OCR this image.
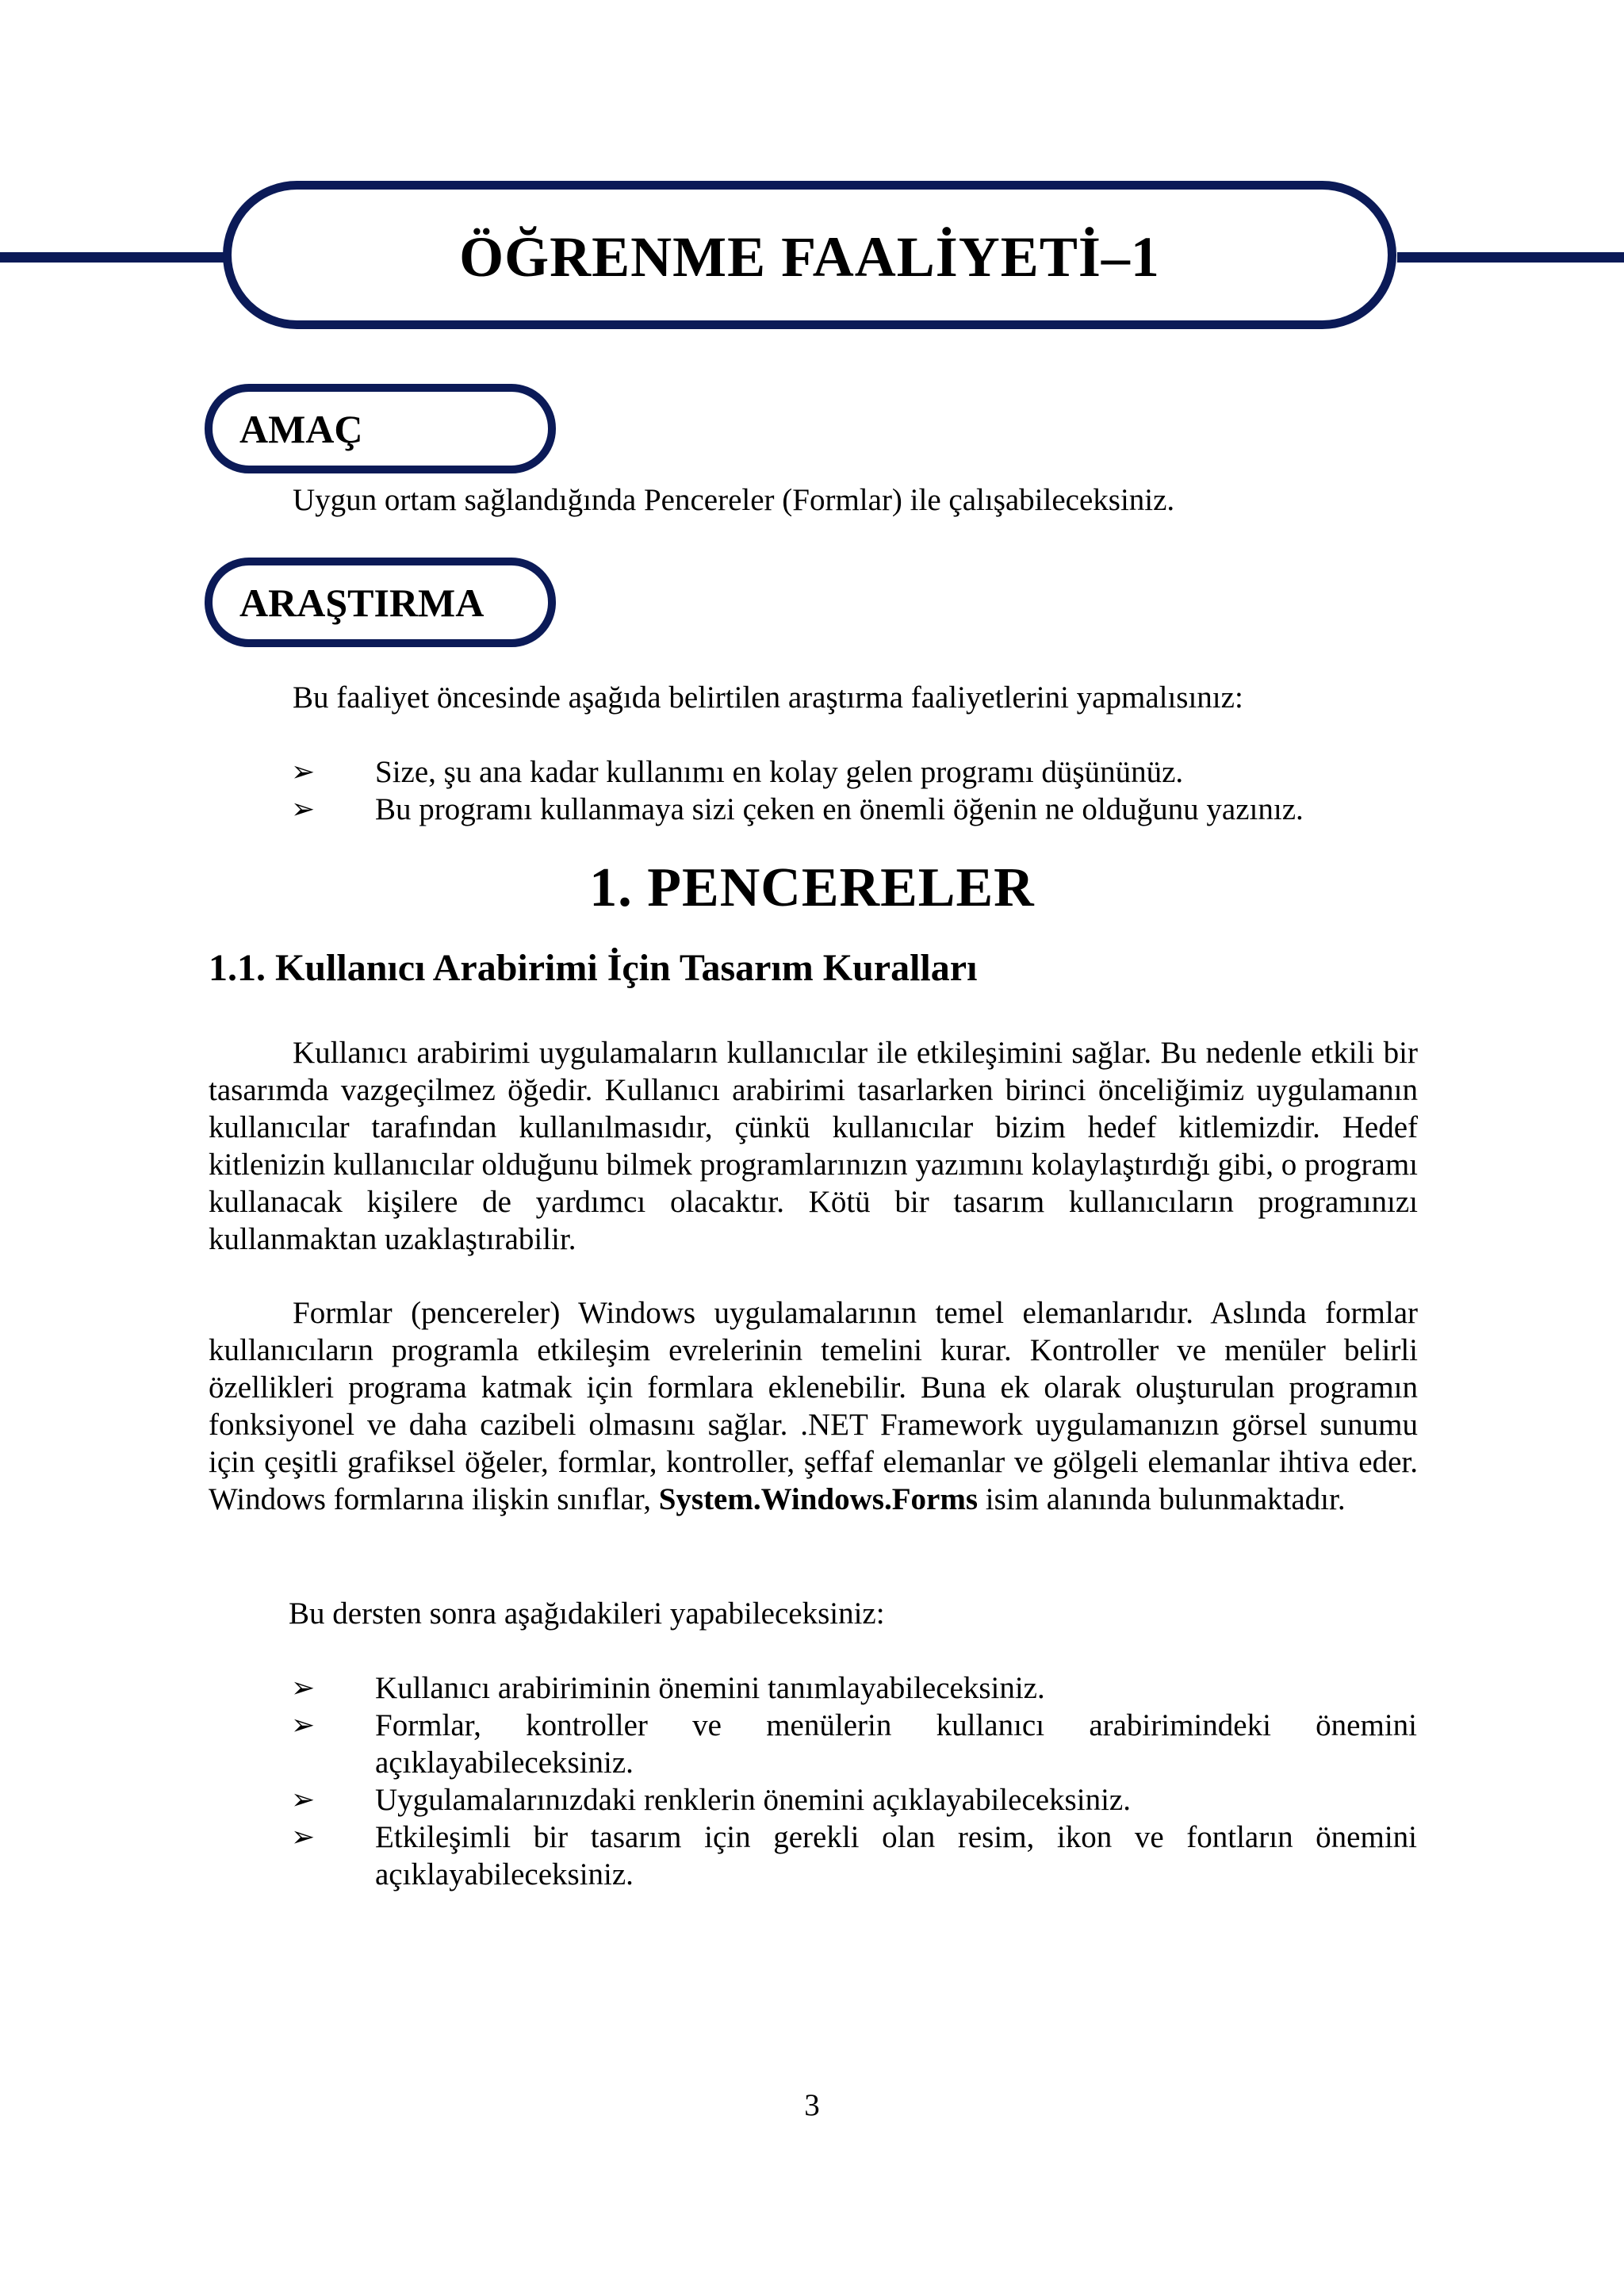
ÖĞRENME FAALİYETİ–1
AMAÇ
Uygun ortam sağlandığında Pencereler (Formlar) ile çalışabileceksiniz.
ARAŞTIRMA
Bu faaliyet öncesinde aşağıda belirtilen araştırma faaliyetlerini yapmalısınız:
➢ Size, şu ana kadar kullanımı en kolay gelen programı düşününüz.
➢ Bu programı kullanmaya sizi çeken en önemli öğenin ne olduğunu yazınız.
1. PENCERELER
1.1. Kullanıcı Arabirimi İçin Tasarım Kuralları
Kullanıcı arabirimi uygulamaların kullanıcılar ile etkileşimini sağlar. Bu nedenle etkili bir tasarımda vazgeçilmez öğedir. Kullanıcı arabirimi tasarlarken birinci önceliğimiz uygulamanın kullanıcılar tarafından kullanılmasıdır, çünkü kullanıcılar bizim hedef kitlemizdir. Hedef kitlenizin kullanıcılar olduğunu bilmek programlarınızın yazımını kolaylaştırdığı gibi, o programı kullanacak kişilere de yardımcı olacaktır. Kötü bir tasarım kullanıcıların programınızı kullanmaktan uzaklaştırabilir.
Formlar (pencereler) Windows uygulamalarının temel elemanlarıdır. Aslında formlar kullanıcıların programla etkileşim evrelerinin temelini kurar. Kontroller ve menüler belirli özellikleri programa katmak için formlara eklenebilir. Buna ek olarak oluşturulan programın fonksiyonel ve daha cazibeli olmasını sağlar. .NET Framework uygulamanızın görsel sunumu için çeşitli grafiksel öğeler, formlar, kontroller, şeffaf elemanlar ve gölgeli elemanlar ihtiva eder. Windows formlarına ilişkin sınıflar, System.Windows.Forms isim alanında bulunmaktadır.
Bu dersten sonra aşağıdakileri yapabileceksiniz:
➢ Kullanıcı arabiriminin önemini tanımlayabileceksiniz.
➢ Formlar, kontroller ve menülerin kullanıcı arabirimindeki önemini açıklayabileceksiniz.
➢ Uygulamalarınızdaki renklerin önemini açıklayabileceksiniz.
➢ Etkileşimli bir tasarım için gerekli olan resim, ikon ve fontların önemini açıklayabileceksiniz.
3
